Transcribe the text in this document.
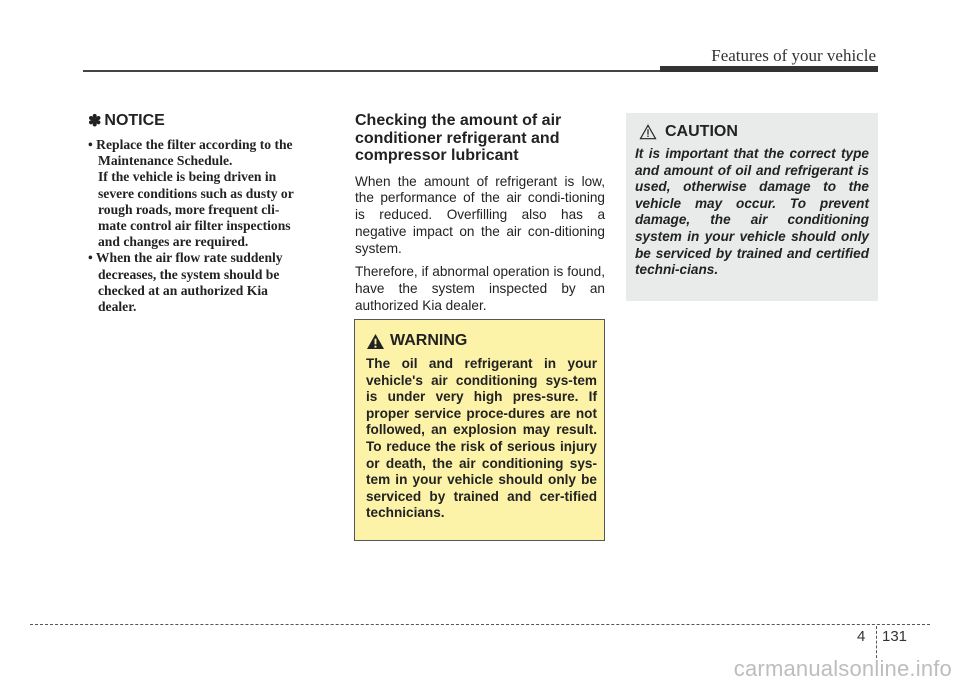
Features of your vehicle
✽ NOTICE
• Replace the filter according to the
Maintenance Schedule.
If the vehicle is being driven in
severe conditions such as dusty or
rough roads, more frequent cli-
mate control air filter inspections
and changes are required.
• When the air flow rate suddenly
decreases, the system should be
checked at an authorized Kia
dealer.
Checking the amount of air conditioner refrigerant and compressor lubricant

When the amount of refrigerant is low, the performance of the air condi-tioning is reduced. Overfilling also has a negative impact on the air con-ditioning system.

Therefore, if abnormal operation is found, have the system inspected by an authorized Kia dealer.

WARNING
The oil and refrigerant in your vehicle's air conditioning sys-tem is under very high pres-sure. If proper service proce-dures are not followed, an explosion may result. To reduce the risk of serious injury or death, the air conditioning sys-tem in your vehicle should only be serviced by trained and cer-tified technicians.
CAUTION
It is important that the correct type and amount of oil and refrigerant is used, otherwise damage to the vehicle may occur. To prevent damage, the air conditioning system in your vehicle should only be serviced by trained and certified techni-cians.
4 131
carmanualsonline.info
